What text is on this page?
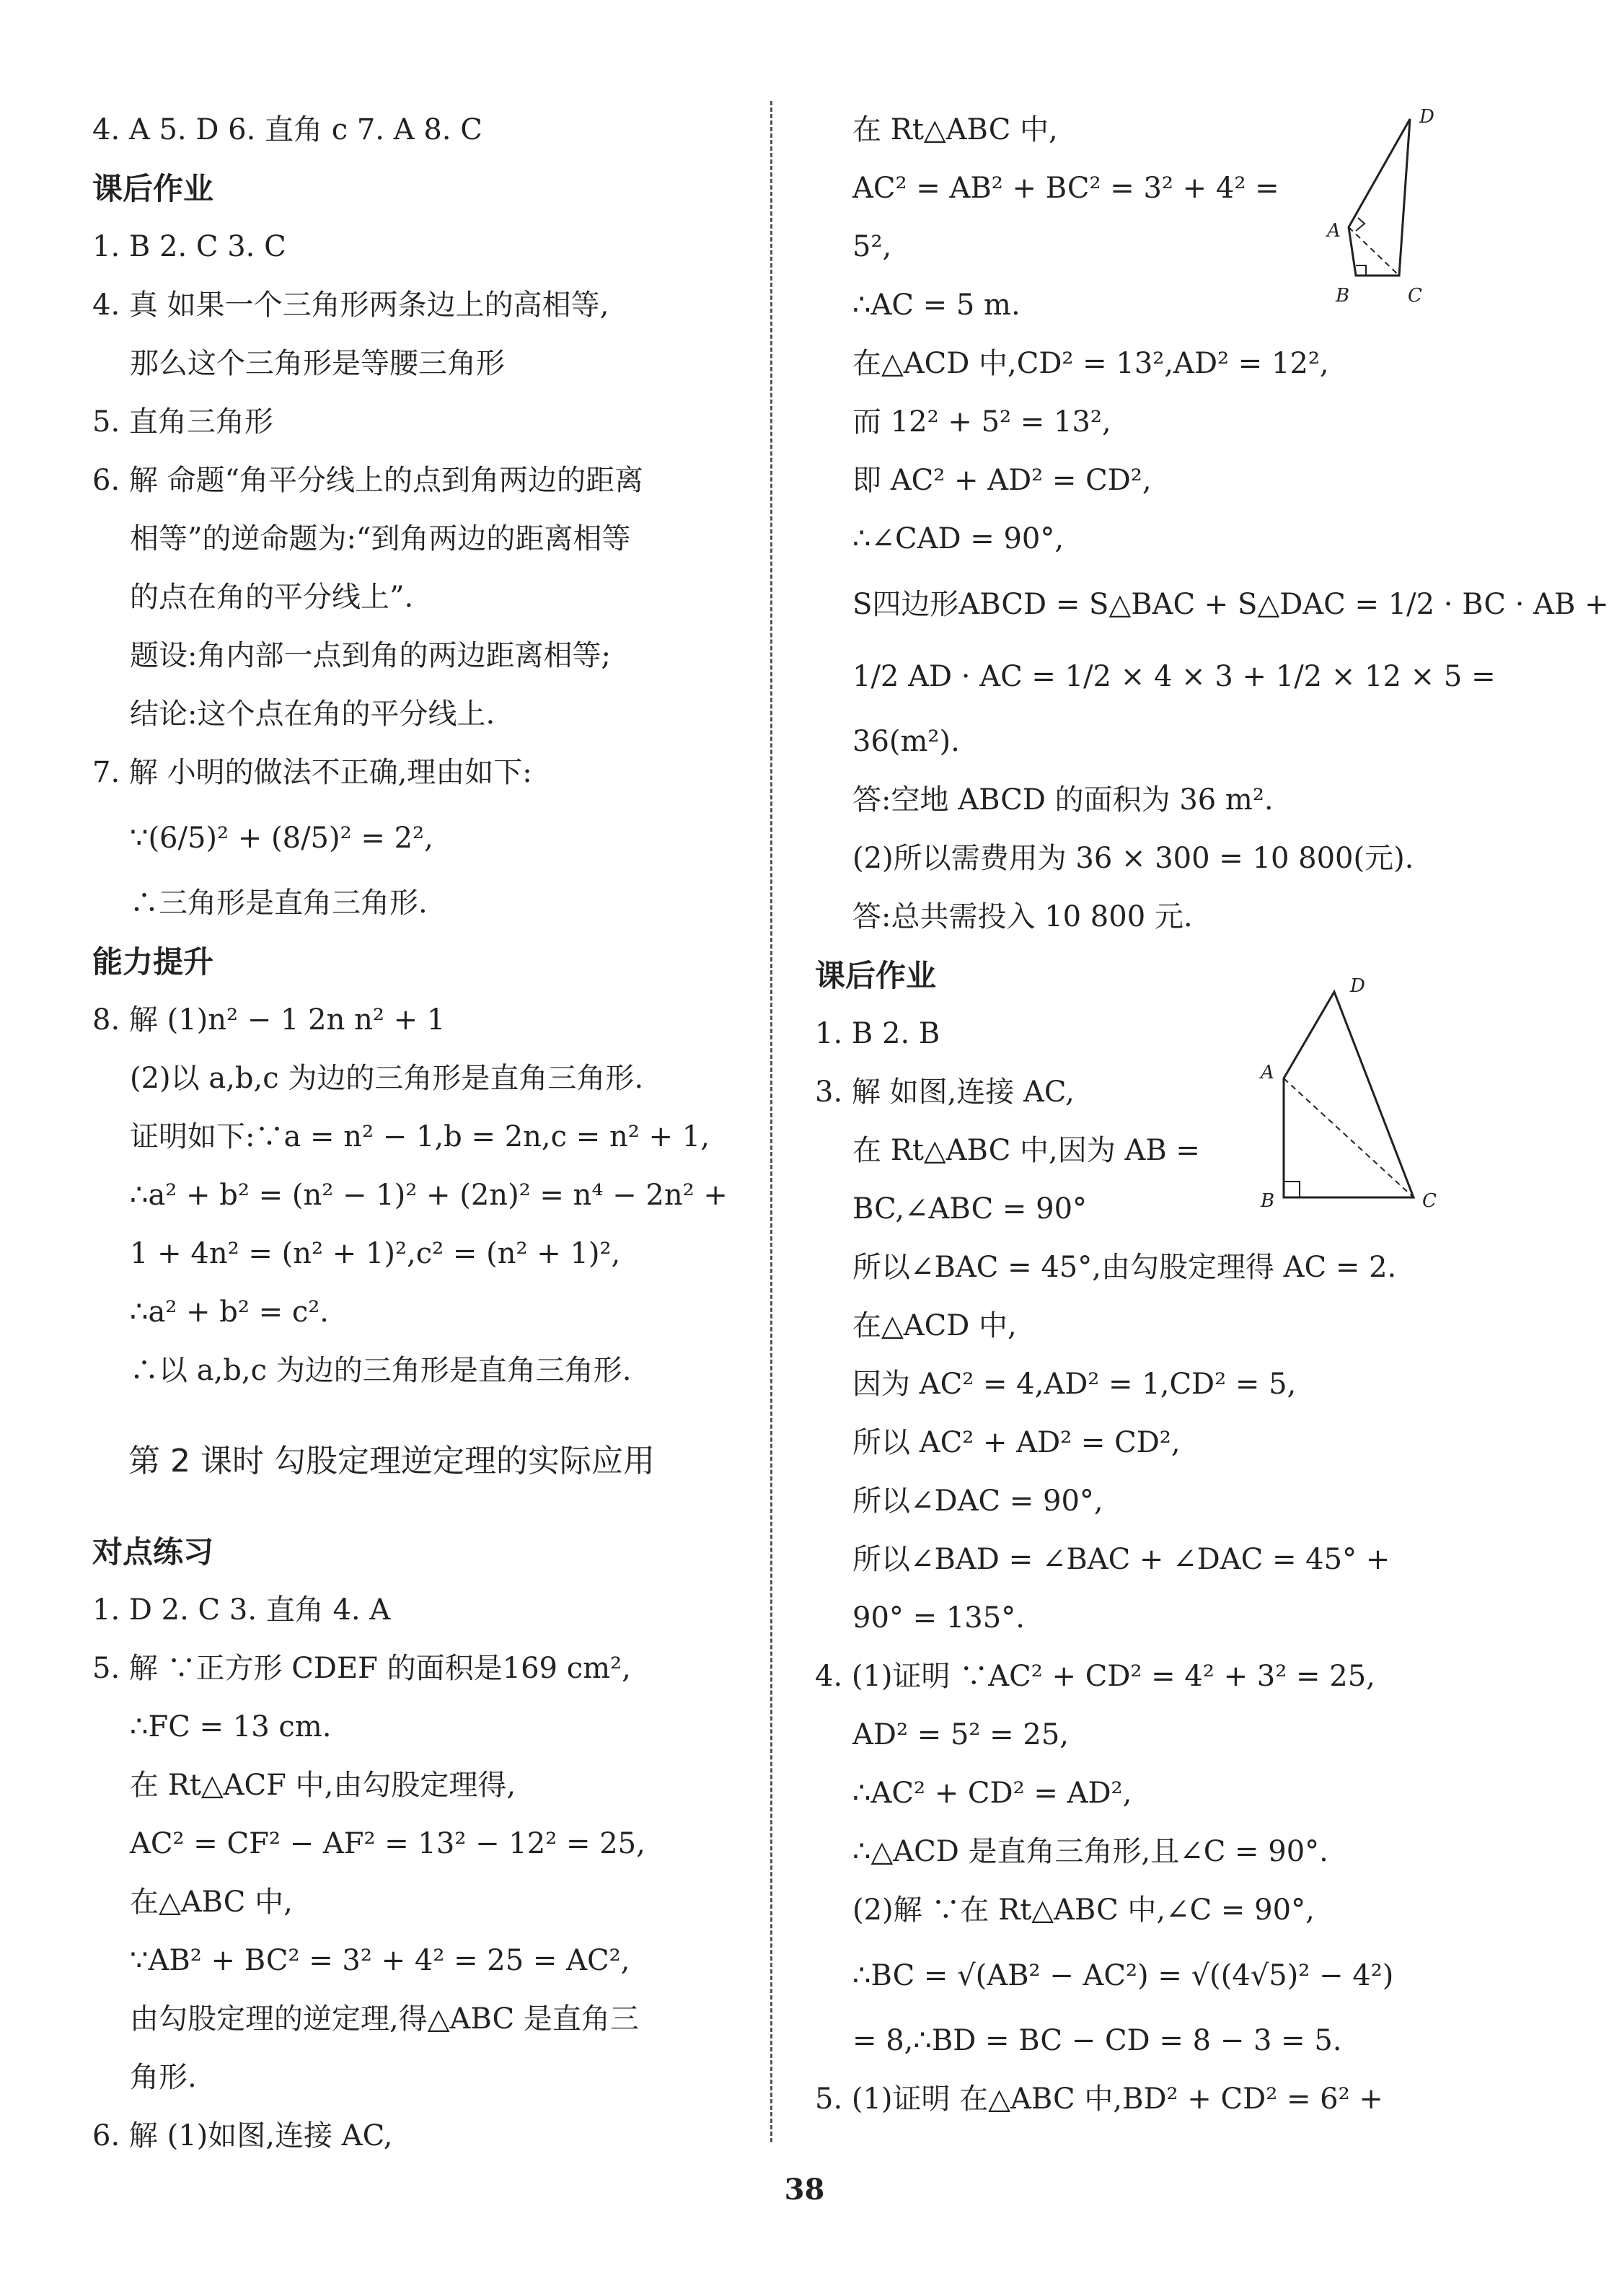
4. A 5. D 6. 直角 c 7. A 8. C
课后作业
1. B 2. C 3. C
4. 真 如果一个三角形两条边上的高相等,
那么这个三角形是等腰三角形
5. 直角三角形
6. 解 命题“角平分线上的点到角两边的距离
相等”的逆命题为:“到角两边的距离相等
的点在角的平分线上”.
题设:角内部一点到角的两边距离相等;
结论:这个点在角的平分线上.
7. 解 小明的做法不正确,理由如下:
∵(6/5)² + (8/5)² = 2²,
∴三角形是直角三角形.
能力提升
8. 解 (1)n² − 1 2n n² + 1
(2)以 a,b,c 为边的三角形是直角三角形.
证明如下:∵a = n² − 1,b = 2n,c = n² + 1,
∴a² + b² = (n² − 1)² + (2n)² = n⁴ − 2n² +
1 + 4n² = (n² + 1)²,c² = (n² + 1)²,
∴a² + b² = c².
∴以 a,b,c 为边的三角形是直角三角形.
第 2 课时 勾股定理逆定理的实际应用
对点练习
1. D 2. C 3. 直角 4. A
5. 解 ∵正方形 CDEF 的面积是169 cm²,
∴FC = 13 cm.
在 Rt△ACF 中,由勾股定理得,
AC² = CF² − AF² = 13² − 12² = 25,
在△ABC 中,
∵AB² + BC² = 3² + 4² = 25 = AC²,
由勾股定理的逆定理,得△ABC 是直角三
角形.
6. 解 (1)如图,连接 AC,
在 Rt△ABC 中,
AC² = AB² + BC² = 3² + 4² =
5²,
∴AC = 5 m.
在△ACD 中,CD² = 13²,AD² = 12²,
而 12² + 5² = 13²,
即 AC² + AD² = CD²,
∴∠CAD = 90°,
S四边形ABCD = S△BAC + S△DAC = 1/2 · BC · AB +
1/2 AD · AC = 1/2 × 4 × 3 + 1/2 × 12 × 5 =
36(m²).
答:空地 ABCD 的面积为 36 m².
(2)所以需费用为 36 × 300 = 10 800(元).
答:总共需投入 10 800 元.
课后作业
1. B 2. B
3. 解 如图,连接 AC,
在 Rt△ABC 中,因为 AB =
BC,∠ABC = 90°
所以∠BAC = 45°,由勾股定理得 AC = 2.
在△ACD 中,
因为 AC² = 4,AD² = 1,CD² = 5,
所以 AC² + AD² = CD²,
所以∠DAC = 90°,
所以∠BAD = ∠BAC + ∠DAC = 45° +
90° = 135°.
4. (1)证明 ∵AC² + CD² = 4² + 3² = 25,
AD² = 5² = 25,
∴AC² + CD² = AD²,
∴△ACD 是直角三角形,且∠C = 90°.
(2)解 ∵在 Rt△ABC 中,∠C = 90°,
∴BC = √(AB² − AC²) = √((4√5)² − 4²)
= 8,∴BD = BC − CD = 8 − 3 = 5.
5. (1)证明 在△ABC 中,BD² + CD² = 6² +
D
A
B	C
D
A
B	C
38
